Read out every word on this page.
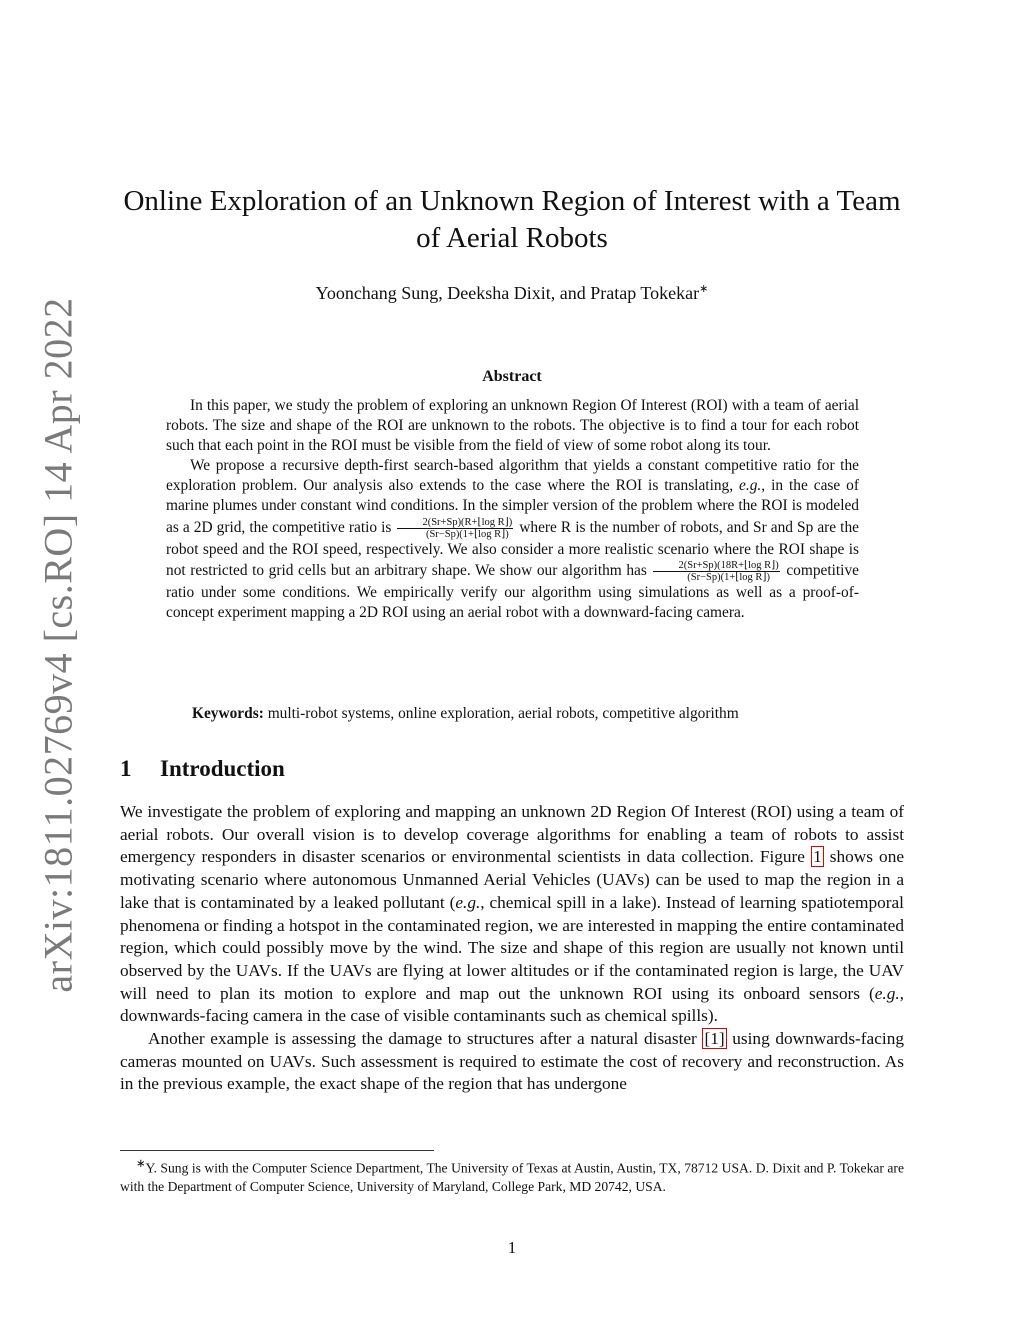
arXiv:1811.02769v4 [cs.RO] 14 Apr 2022
Online Exploration of an Unknown Region of Interest with a Team
of Aerial Robots
Yoonchang Sung, Deeksha Dixit, and Pratap Tokekar∗
Abstract

In this paper, we study the problem of exploring an unknown Region Of Interest (ROI) with a team of aerial robots. The size and shape of the ROI are unknown to the robots. The objective is to find a tour for each robot such that each point in the ROI must be visible from the field of view of some robot along its tour.

We propose a recursive depth-first search-based algorithm that yields a constant competitive ratio for the exploration problem. Our analysis also extends to the case where the ROI is translating, e.g., in the case of marine plumes under constant wind conditions. In the simpler version of the problem where the ROI is modeled as a 2D grid, the competitive ratio is $\frac{\text{2(Sr+Sp)(R+⌊log R⌋)}}{\text{(Sr−Sp)(1+⌊log R⌋)}}$ where R is the number of robots, and Sr and Sp are the robot speed and the ROI speed, respectively. We also consider a more realistic scenario where the ROI shape is not restricted to grid cells but an arbitrary shape. We show our algorithm has $\frac{\text{2(Sr+Sp)(18R+⌊log R⌋)}}{\text{(Sr−Sp)(1+⌊log R⌋)}}$ competitive ratio under some conditions. We empirically verify our algorithm using simulations as well as a proof-of-concept experiment mapping a 2D ROI using an aerial robot with a downward-facing camera.

Keywords: multi-robot systems, online exploration, aerial robots, competitive algorithm
1 Introduction

We investigate the problem of exploring and mapping an unknown 2D Region Of Interest (ROI) using a team of aerial robots. Our overall vision is to develop coverage algorithms for enabling a team of robots to assist emergency responders in disaster scenarios or environmental scientists in data collection. Figure 1 shows one motivating scenario where autonomous Unmanned Aerial Vehicles (UAVs) can be used to map the region in a lake that is contaminated by a leaked pollutant (e.g., chemical spill in a lake). Instead of learning spatiotemporal phenomena or finding a hotspot in the contaminated region, we are interested in mapping the entire contaminated region, which could possibly move by the wind. The size and shape of this region are usually not known until observed by the UAVs. If the UAVs are flying at lower altitudes or if the contaminated region is large, the UAV will need to plan its motion to explore and map out the unknown ROI using its onboard sensors (e.g., downwards-facing camera in the case of visible contaminants such as chemical spills).

Another example is assessing the damage to structures after a natural disaster [1] using downwards-facing cameras mounted on UAVs. Such assessment is required to estimate the cost of recovery and reconstruction. As in the previous example, the exact shape of the region that has undergone

∗Y. Sung is with the Computer Science Department, The University of Texas at Austin, Austin, TX, 78712 USA. D. Dixit and P. Tokekar are with the Department of Computer Science, University of Maryland, College Park, MD 20742, USA.

1
